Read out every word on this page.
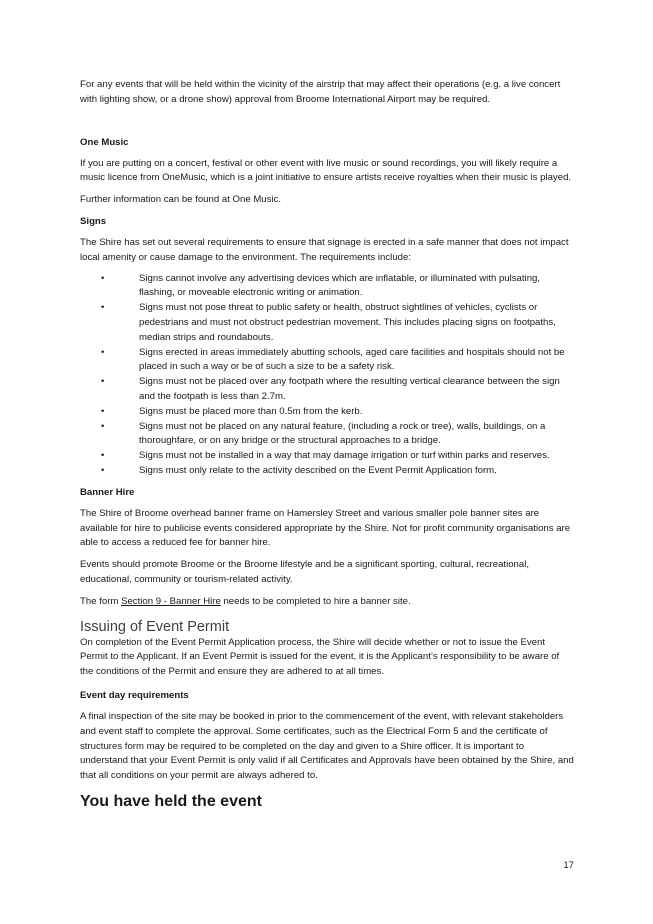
For any events that will be held within the vicinity of the airstrip that may affect their operations (e.g. a live concert with lighting show, or a drone show) approval from Broome International Airport may be required.

One Music

If you are putting on a concert, festival or other event with live music or sound recordings, you will likely require a music licence from OneMusic, which is a joint initiative to ensure artists receive royalties when their music is played.

Further information can be found at One Music.

Signs

The Shire has set out several requirements to ensure that signage is erected in a safe manner that does not impact local amenity or cause damage to the environment. The requirements include:

•	Signs cannot involve any advertising devices which are inflatable, or illuminated with pulsating, flashing, or moveable electronic writing or animation.
•	Signs must not pose threat to public safety or health, obstruct sightlines of vehicles, cyclists or pedestrians and must not obstruct pedestrian movement. This includes placing signs on footpaths, median strips and roundabouts.
•	Signs erected in areas immediately abutting schools, aged care facilities and hospitals should not be placed in such a way or be of such a size to be a safety risk.
•	Signs must not be placed over any footpath where the resulting vertical clearance between the sign and the footpath is less than 2.7m.
•	Signs must be placed more than 0.5m from the kerb.
•	Signs must not be placed on any natural feature, (including a rock or tree), walls, buildings, on a thoroughfare, or on any bridge or the structural approaches to a bridge.
•	Signs must not be installed in a way that may damage irrigation or turf within parks and reserves.
•	Signs must only relate to the activity described on the Event Permit Application form.

Banner Hire

The Shire of Broome overhead banner frame on Hamersley Street and various smaller pole banner sites are available for hire to publicise events considered appropriate by the Shire. Not for profit community organisations are able to access a reduced fee for banner hire.

Events should promote Broome or the Broome lifestyle and be a significant sporting, cultural, recreational, educational, community or tourism-related activity.

The form Section 9 - Banner Hire needs to be completed to hire a banner site.

Issuing of Event Permit

On completion of the Event Permit Application process, the Shire will decide whether or not to issue the Event Permit to the Applicant. If an Event Permit is issued for the event, it is the Applicant’s responsibility to be aware of the conditions of the Permit and ensure they are adhered to at all times.

Event day requirements

A final inspection of the site may be booked in prior to the commencement of the event, with relevant stakeholders and event staff to complete the approval. Some certificates, such as the Electrical Form 5 and the certificate of structures form may be required to be completed on the day and given to a Shire officer. It is important to understand that your Event Permit is only valid if all Certificates and Approvals have been obtained by the Shire, and that all conditions on your permit are always adhered to.

You have held the event

17
